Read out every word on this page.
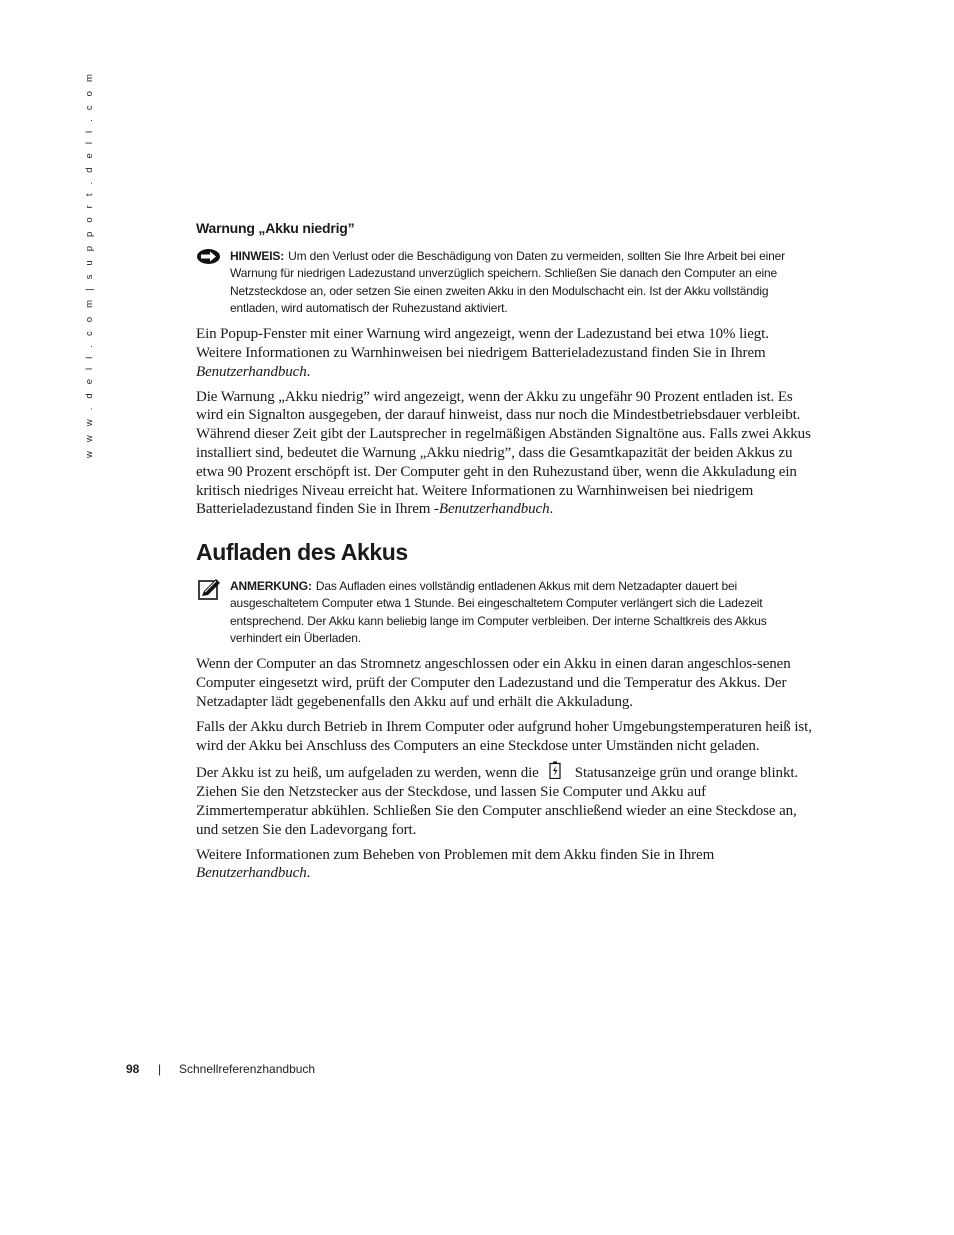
w w w . d e l l . c o m | s u p p o r t . d e l l . c o m	Warnung „Akku niedrig”

HINWEIS: Um den Verlust oder die Beschädigung von Daten zu vermeiden, sollten Sie Ihre Arbeit bei einer Warnung für niedrigen Ladezustand unverzüglich speichern. Schließen Sie danach den Computer an eine Netzsteckdose an, oder setzen Sie einen zweiten Akku in den Modulschacht ein. Ist der Akku vollständig entladen, wird automatisch der Ruhezustand aktiviert.

Ein Popup-Fenster mit einer Warnung wird angezeigt, wenn der Ladezustand bei etwa 10% liegt. Weitere Informationen zu Warnhinweisen bei niedrigem Batterieladezustand finden Sie in Ihrem Benutzerhandbuch.

Die Warnung „Akku niedrig” wird angezeigt, wenn der Akku zu ungefähr 90 Prozent entladen ist. Es wird ein Signalton ausgegeben, der darauf hinweist, dass nur noch die Mindestbetriebsdauer verbleibt. Während dieser Zeit gibt der Lautsprecher in regelmäßigen Abständen Signaltöne aus. Falls zwei Akkus installiert sind, bedeutet die Warnung „Akku niedrig”, dass die Gesamtkapazität der beiden Akkus zu etwa 90 Prozent erschöpft ist. Der Computer geht in den Ruhezustand über, wenn die Akkuladung ein kritisch niedriges Niveau erreicht hat. Weitere Informationen zu Warnhinweisen bei niedrigem Batterieladezustand finden Sie in Ihrem -Benutzerhandbuch.

Aufladen des Akkus

ANMERKUNG: Das Aufladen eines vollständig entladenen Akkus mit dem Netzadapter dauert bei ausgeschaltetem Computer etwa 1 Stunde. Bei eingeschaltetem Computer verlängert sich die Ladezeit entsprechend. Der Akku kann beliebig lange im Computer verbleiben. Der interne Schaltkreis des Akkus verhindert ein Überladen.

Wenn der Computer an das Stromnetz angeschlossen oder ein Akku in einen daran angeschlos-senen Computer eingesetzt wird, prüft der Computer den Ladezustand und die Temperatur des Akkus. Der Netzadapter lädt gegebenenfalls den Akku auf und erhält die Akkuladung.

Falls der Akku durch Betrieb in Ihrem Computer oder aufgrund hoher Umgebungstemperaturen heiß ist, wird der Akku bei Anschluss des Computers an eine Steckdose unter Umständen nicht geladen.

Der Akku ist zu heiß, um aufgeladen zu werden, wenn die Statusanzeige grün und orange blinkt. Ziehen Sie den Netzstecker aus der Steckdose, und lassen Sie Computer und Akku auf Zimmertemperatur abkühlen. Schließen Sie den Computer anschließend wieder an eine Steckdose an, und setzen Sie den Ladevorgang fort.

Weitere Informationen zum Beheben von Problemen mit dem Akku finden Sie in Ihrem Benutzerhandbuch.

98 | Schnellreferenzhandbuch
